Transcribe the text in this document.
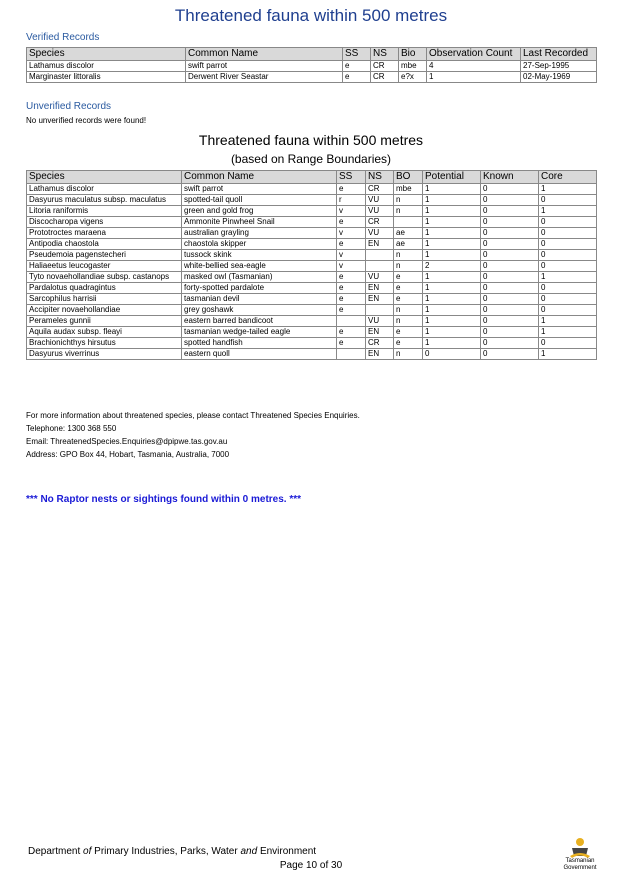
Threatened fauna within 500 metres
Verified Records
Species	Common Name	SS	NS	Bio	Observation Count	Last Recorded
Lathamus discolor	swift parrot	e	CR	mbe	4	27-Sep-1995
Marginaster littoralis	Derwent River Seastar	e	CR	e?x	1	02-May-1969
Unverified Records
No unverified records were found!
Threatened fauna within 500 metres
(based on Range Boundaries)
Species	Common Name	SS	NS	BO	Potential	Known	Core
Lathamus discolor	swift parrot	e	CR	mbe	1	0	1
Dasyurus maculatus subsp. maculatus	spotted-tail quoll	r	VU	n	1	0	0
Litoria raniformis	green and gold frog	v	VU	n	1	0	1
Discocharopa vigens	Ammonite Pinwheel Snail	e	CR		1	0	0
Prototroctes maraena	australian grayling	v	VU	ae	1	0	0
Antipodia chaostola	chaostola skipper	e	EN	ae	1	0	0
Pseudemoia pagenstecheri	tussock skink	v		n	1	0	0
Haliaeetus leucogaster	white-bellied sea-eagle	v		n	2	0	0
Tyto novaehollandiae subsp. castanops	masked owl (Tasmanian)	e	VU	e	1	0	1
Pardalotus quadragintus	forty-spotted pardalote	e	EN	e	1	0	0
Sarcophilus harrisii	tasmanian devil	e	EN	e	1	0	0
Accipiter novaehollandiae	grey goshawk	e		n	1	0	0
Perameles gunnii	eastern barred bandicoot		VU	n	1	0	1
Aquila audax subsp. fleayi	tasmanian wedge-tailed eagle	e	EN	e	1	0	1
Brachionichthys hirsutus	spotted handfish	e	CR	e	1	0	0
Dasyurus viverrinus	eastern quoll		EN	n	0	0	1
For more information about threatened species, please contact Threatened Species Enquiries.
Telephone: 1300 368 550
Email: ThreatenedSpecies.Enquiries@dpipwe.tas.gov.au
Address: GPO Box 44, Hobart, Tasmania, Australia, 7000
*** No Raptor nests or sightings found within 0 metres. ***
Department of Primary Industries, Parks, Water and Environment
Page 10 of 30	Tasmanian
Government
